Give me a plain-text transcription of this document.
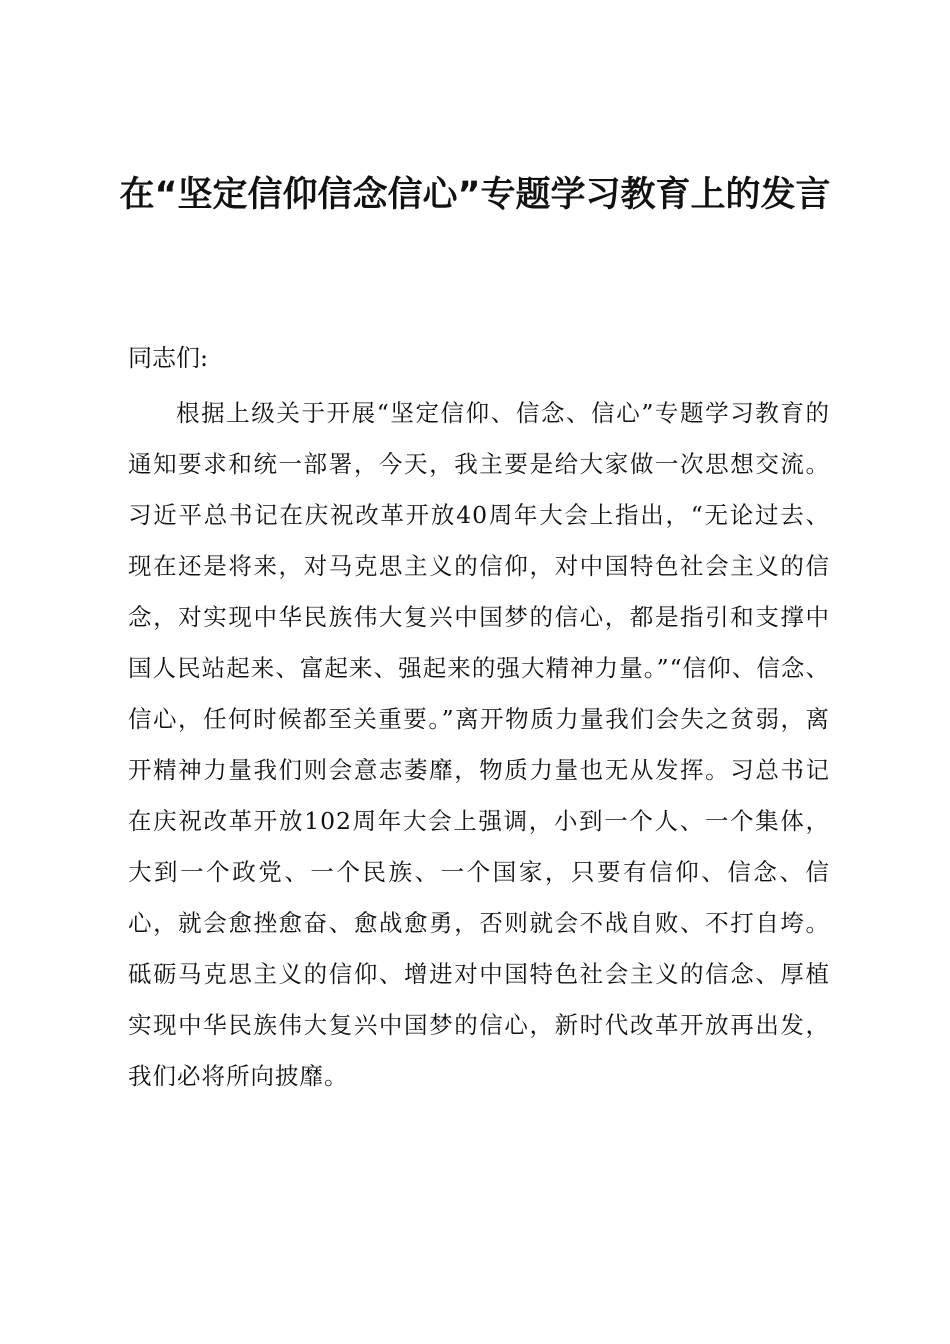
在“坚定信仰信念信心”专题学习教育上的发言

同志们:

根据上级关于开展“坚定信仰、信念、信心”专题学习教育的通知要求和统一部署，今天，我主要是给大家做一次思想交流。习近平总书记在庆祝改革开放40周年大会上指出，“无论过去、现在还是将来，对马克思主义的信仰，对中国特色社会主义的信念，对实现中华民族伟大复兴中国梦的信心，都是指引和支撑中国人民站起来、富起来、强起来的强大精神力量。”“信仰、信念、信心，任何时候都至关重要。”离开物质力量我们会失之贫弱，离开精神力量我们则会意志萎靡，物质力量也无从发挥。习总书记在庆祝改革开放102周年大会上强调，小到一个人、一个集体，大到一个政党、一个民族、一个国家，只要有信仰、信念、信心，就会愈挫愈奋、愈战愈勇，否则就会不战自败、不打自垮。砥砺马克思主义的信仰、增进对中国特色社会主义的信念、厚植实现中华民族伟大复兴中国梦的信心，新时代改革开放再出发，我们必将所向披靡。
